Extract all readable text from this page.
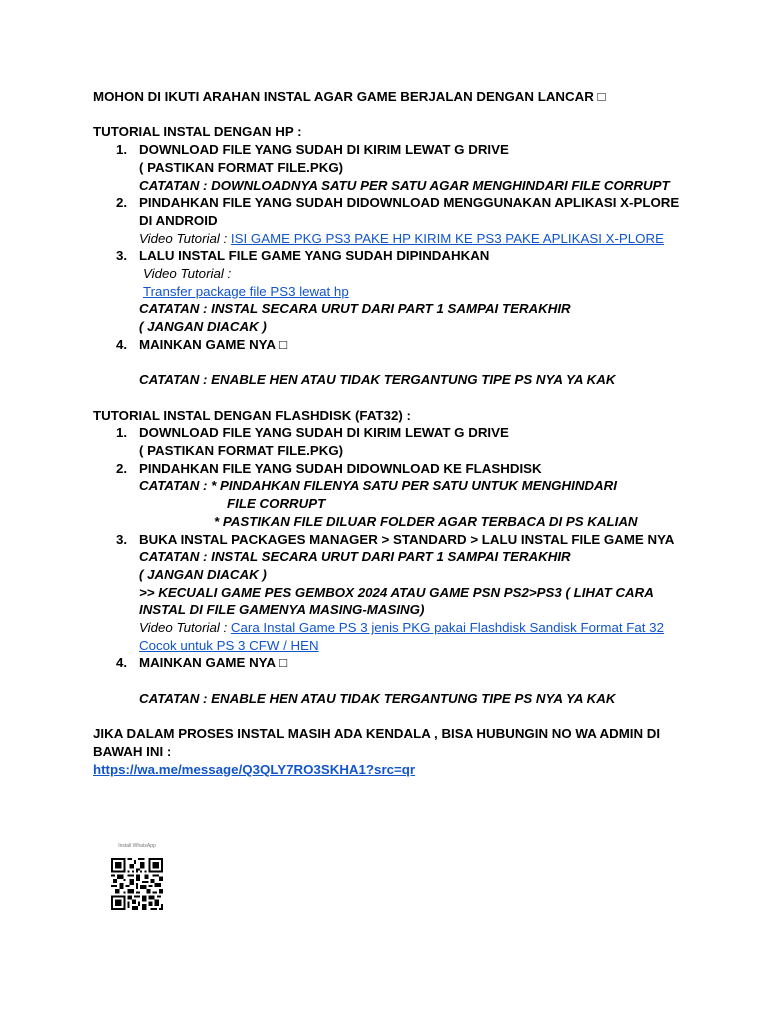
MOHON DI IKUTI ARAHAN INSTAL AGAR GAME BERJALAN DENGAN LANCAR □
TUTORIAL INSTAL DENGAN HP :
1. DOWNLOAD FILE YANG SUDAH DI KIRIM LEWAT G DRIVE
( PASTIKAN FORMAT FILE.PKG)
CATATAN : DOWNLOADNYA SATU PER SATU AGAR MENGHINDARI FILE CORRUPT
2. PINDAHKAN FILE YANG SUDAH DIDOWNLOAD MENGGUNAKAN APLIKASI X-PLORE DI ANDROID
Video Tutorial : ISI GAME PKG PS3 PAKE HP KIRIM KE PS3 PAKE APLIKASI X-PLORE
3. LALU INSTAL FILE GAME YANG SUDAH DIPINDAHKAN
Video Tutorial :
Transfer package file PS3 lewat hp
CATATAN : INSTAL SECARA URUT DARI PART 1 SAMPAI TERAKHIR
( JANGAN DIACAK )
4. MAINKAN GAME NYA □
CATATAN : ENABLE HEN ATAU TIDAK TERGANTUNG TIPE PS NYA YA KAK
TUTORIAL INSTAL DENGAN FLASHDISK (FAT32) :
1. DOWNLOAD FILE YANG SUDAH DI KIRIM LEWAT G DRIVE
( PASTIKAN FORMAT FILE.PKG)
2. PINDAHKAN FILE YANG SUDAH DIDOWNLOAD KE FLASHDISK
CATATAN : * PINDAHKAN FILENYA SATU PER SATU UNTUK MENGHINDARI
FILE CORRUPT
* PASTIKAN FILE DILUAR FOLDER AGAR TERBACA DI PS KALIAN
3. BUKA INSTAL PACKAGES MANAGER > STANDARD > LALU INSTAL FILE GAME NYA
CATATAN : INSTAL SECARA URUT DARI PART 1 SAMPAI TERAKHIR
( JANGAN DIACAK )
>> KECUALI GAME PES GEMBOX 2024 ATAU GAME PSN PS2>PS3 ( LIHAT CARA INSTAL DI FILE GAMENYA MASING-MASING)
Video Tutorial : Cara Instal Game PS 3 jenis PKG pakai Flashdisk Sandisk Format Fat 32 Cocok untuk PS 3 CFW / HEN
4. MAINKAN GAME NYA □
CATATAN : ENABLE HEN ATAU TIDAK TERGANTUNG TIPE PS NYA YA KAK
JIKA DALAM PROSES INSTAL MASIH ADA KENDALA , BISA HUBUNGIN NO WA ADMIN DI BAWAH INI :
https://wa.me/message/Q3QLY7RO3SKHA1?src=qr
Install WhatsApp
